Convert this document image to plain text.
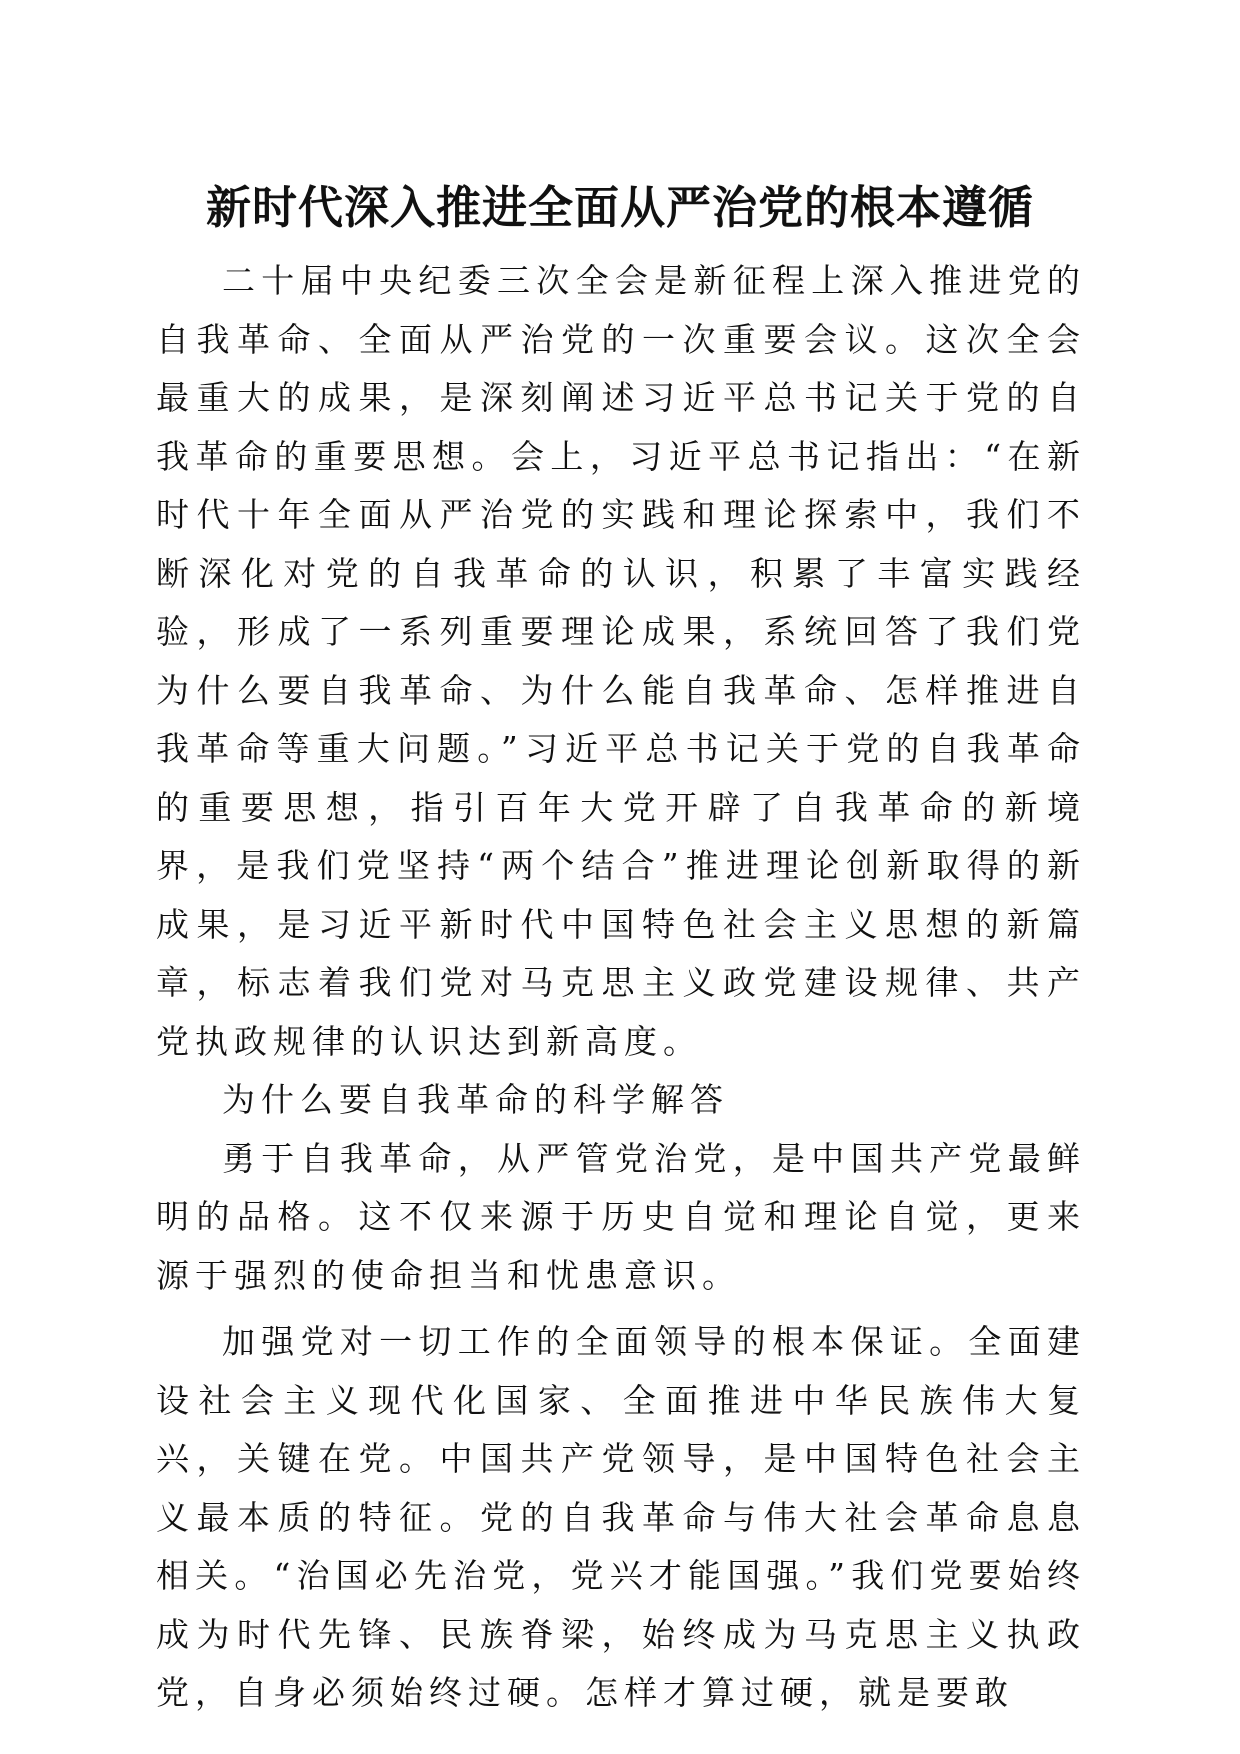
新时代深入推进全面从严治党的根本遵循

二十届中央纪委三次全会是新征程上深入推进党的自我革命、全面从严治党的一次重要会议。这次全会最重大的成果，是深刻阐述习近平总书记关于党的自我革命的重要思想。会上，习近平总书记指出：“在新时代十年全面从严治党的实践和理论探索中，我们不断深化对党的自我革命的认识，积累了丰富实践经验，形成了一系列重要理论成果，系统回答了我们党为什么要自我革命、为什么能自我革命、怎样推进自我革命等重大问题。”习近平总书记关于党的自我革命的重要思想，指引百年大党开辟了自我革命的新境界，是我们党坚持“两个结合”推进理论创新取得的新成果，是习近平新时代中国特色社会主义思想的新篇章，标志着我们党对马克思主义政党建设规律、共产党执政规律的认识达到新高度。

为什么要自我革命的科学解答

勇于自我革命，从严管党治党，是中国共产党最鲜明的品格。这不仅来源于历史自觉和理论自觉，更来源于强烈的使命担当和忧患意识。

加强党对一切工作的全面领导的根本保证。全面建设社会主义现代化国家、全面推进中华民族伟大复兴，关键在党。中国共产党领导，是中国特色社会主义最本质的特征。党的自我革命与伟大社会革命息息相关。“治国必先治党，党兴才能国强。”我们党要始终成为时代先锋、民族脊梁，始终成为马克思主义执政党，自身必须始终过硬。怎样才算过硬，就是要敢
